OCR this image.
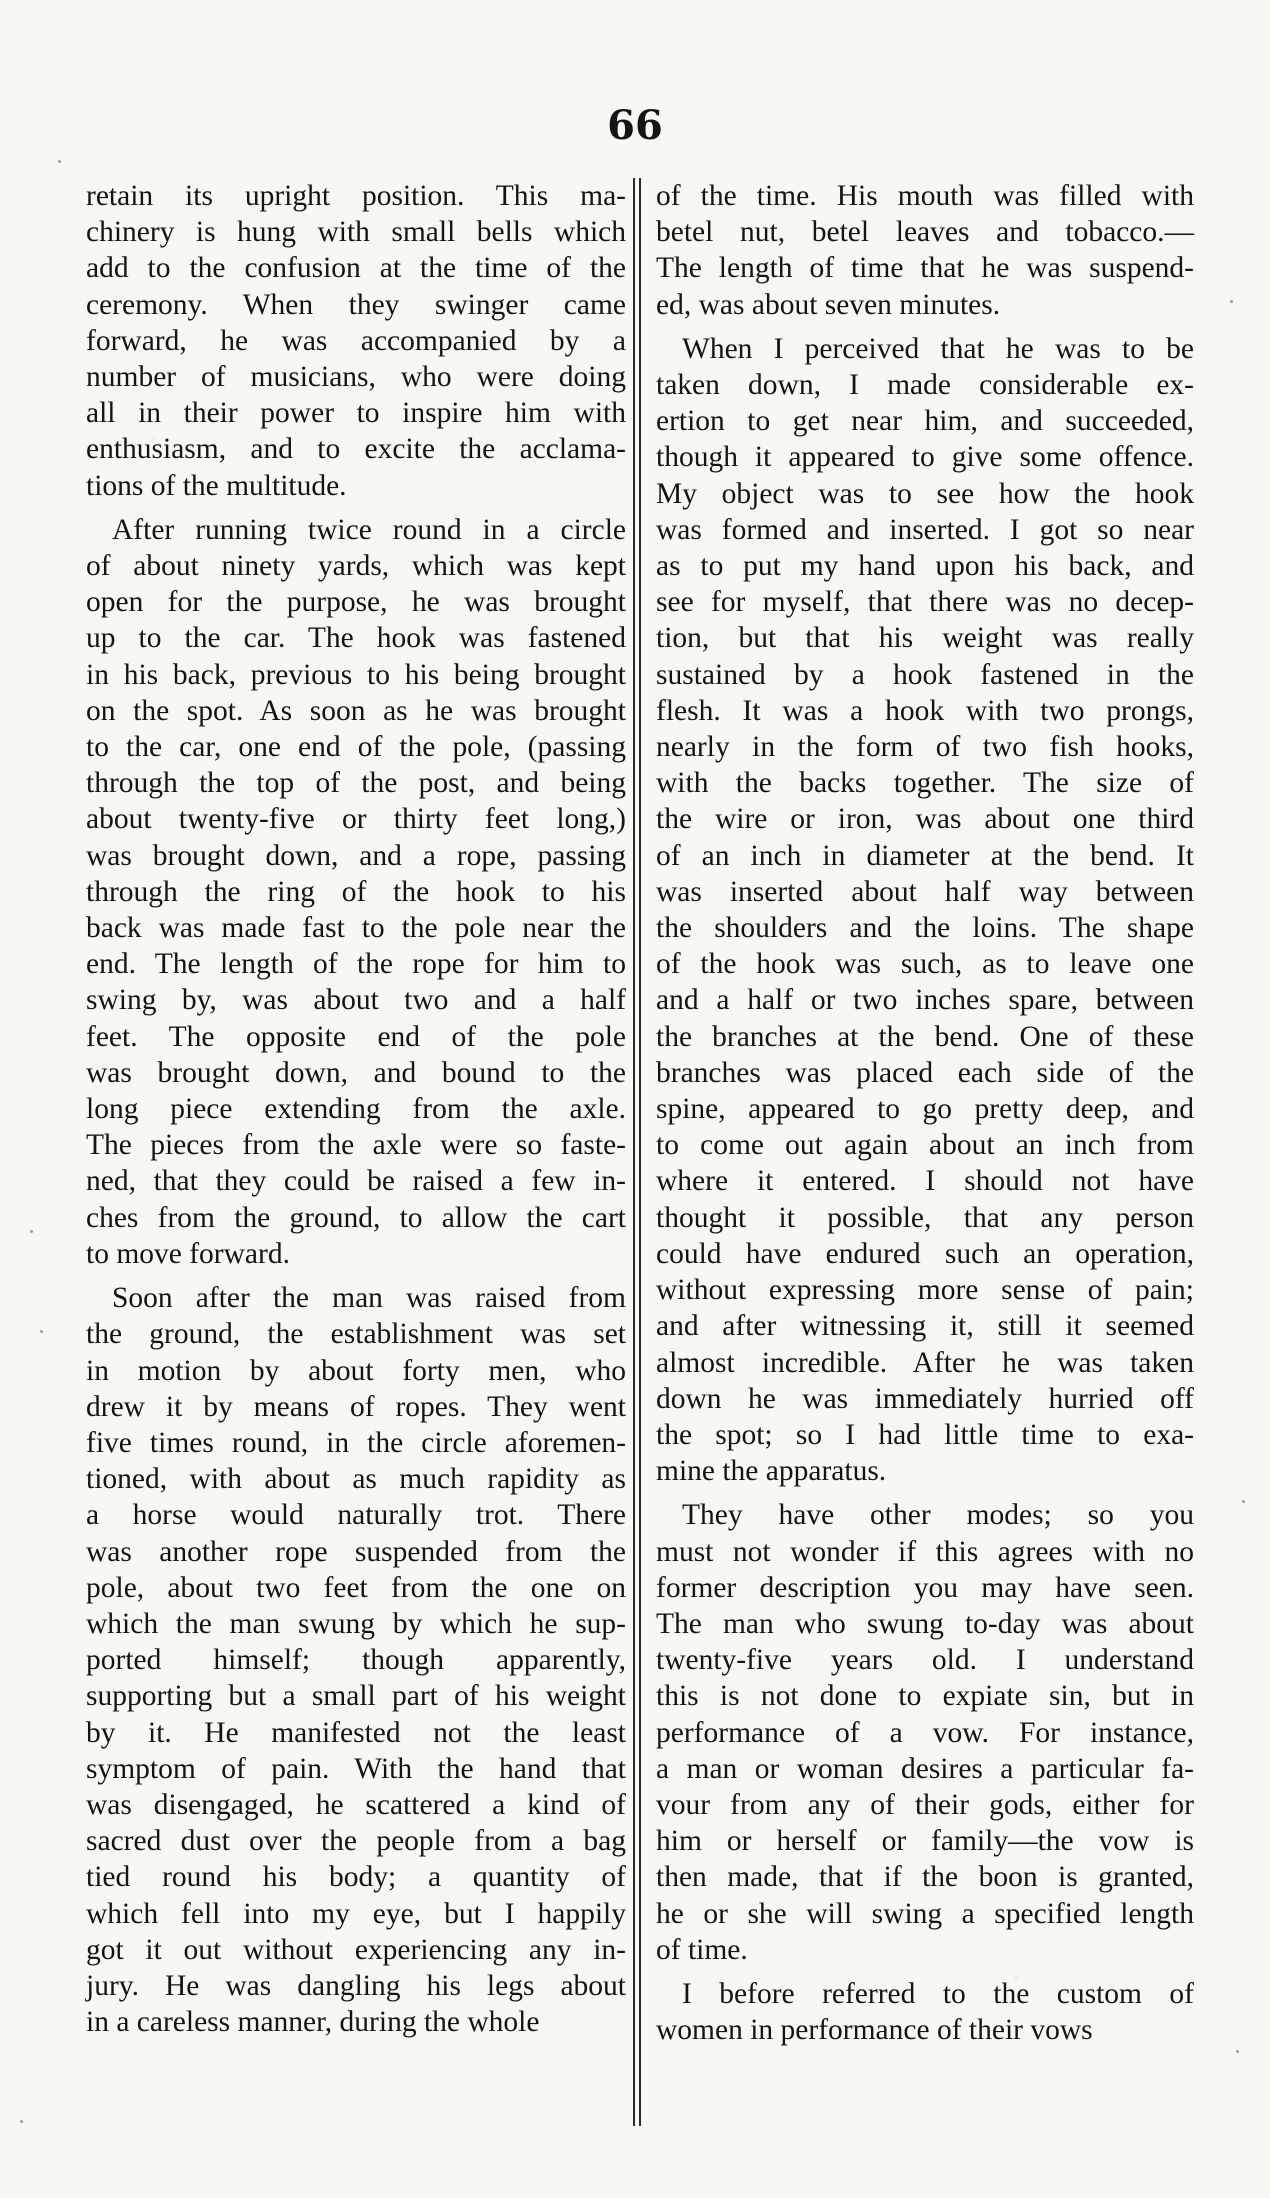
66

retain its upright position. This ma-
chinery is hung with small bells which
add to the confusion at the time of the
ceremony. When they swinger came
forward, he was accompanied by a
number of musicians, who were doing
all in their power to inspire him with
enthusiasm, and to excite the acclama-
tions of the multitude.

After running twice round in a circle
of about ninety yards, which was kept
open for the purpose, he was brought
up to the car. The hook was fastened
in his back, previous to his being brought
on the spot. As soon as he was brought
to the car, one end of the pole, (passing
through the top of the post, and being
about twenty-five or thirty feet long,)
was brought down, and a rope, passing
through the ring of the hook to his
back was made fast to the pole near the
end. The length of the rope for him to
swing by, was about two and a half
feet. The opposite end of the pole
was brought down, and bound to the
long piece extending from the axle.
The pieces from the axle were so faste-
ned, that they could be raised a few in-
ches from the ground, to allow the cart
to move forward.

Soon after the man was raised from
the ground, the establishment was set
in motion by about forty men, who
drew it by means of ropes. They went
five times round, in the circle aforemen-
tioned, with about as much rapidity as
a horse would naturally trot. There
was another rope suspended from the
pole, about two feet from the one on
which the man swung by which he sup-
ported himself; though apparently,
supporting but a small part of his weight
by it. He manifested not the least
symptom of pain. With the hand that
was disengaged, he scattered a kind of
sacred dust over the people from a bag
tied round his body; a quantity of
which fell into my eye, but I happily
got it out without experiencing any in-
jury. He was dangling his legs about
in a careless manner, during the whole

of the time. His mouth was filled with
betel nut, betel leaves and tobacco.—
The length of time that he was suspend-
ed, was about seven minutes.

When I perceived that he was to be
taken down, I made considerable ex-
ertion to get near him, and succeeded,
though it appeared to give some offence.
My object was to see how the hook
was formed and inserted. I got so near
as to put my hand upon his back, and
see for myself, that there was no decep-
tion, but that his weight was really
sustained by a hook fastened in the
flesh. It was a hook with two prongs,
nearly in the form of two fish hooks,
with the backs together. The size of
the wire or iron, was about one third
of an inch in diameter at the bend. It
was inserted about half way between
the shoulders and the loins. The shape
of the hook was such, as to leave one
and a half or two inches spare, between
the branches at the bend. One of these
branches was placed each side of the
spine, appeared to go pretty deep, and
to come out again about an inch from
where it entered. I should not have
thought it possible, that any person
could have endured such an operation,
without expressing more sense of pain;
and after witnessing it, still it seemed
almost incredible. After he was taken
down he was immediately hurried off
the spot; so I had little time to exa-
mine the apparatus.

They have other modes; so you
must not wonder if this agrees with no
former description you may have seen.
The man who swung to-day was about
twenty-five years old. I understand
this is not done to expiate sin, but in
performance of a vow. For instance,
a man or woman desires a particular fa-
vour from any of their gods, either for
him or herself or family—the vow is
then made, that if the boon is granted,
he or she will swing a specified length
of time.

I before referred to the custom of
women in performance of their vows
